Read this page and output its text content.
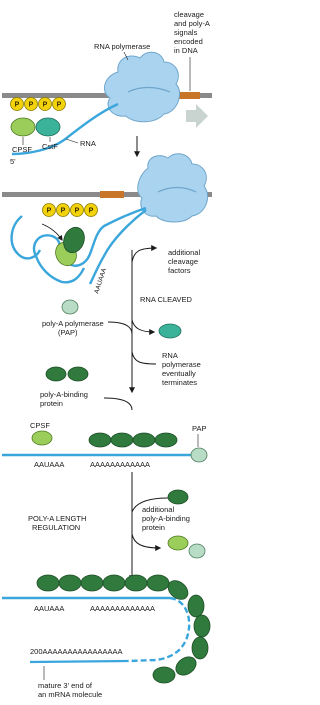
P P P P
RNA polymerase
cleavage
and poly-A
signals
encoded
in DNA
CPSF CstF	RNA
5'
P P P P
AAUAAA
additional
cleavage
factors
RNA CLEAVED
poly-A polymerase
(PAP)
RNA
polymerase
eventually
terminates
poly-A-binding
protein
CPSF	PAP
AAUAAA	AAAAAAAAAAAA
additional
poly-A-binding
protein
POLY-A LENGTH
REGULATION
AAUAAA	AAAAAAAAAAAAA
200AAAAAAAAAAAAAAAA
mature 3' end of
an mRNA molecule
